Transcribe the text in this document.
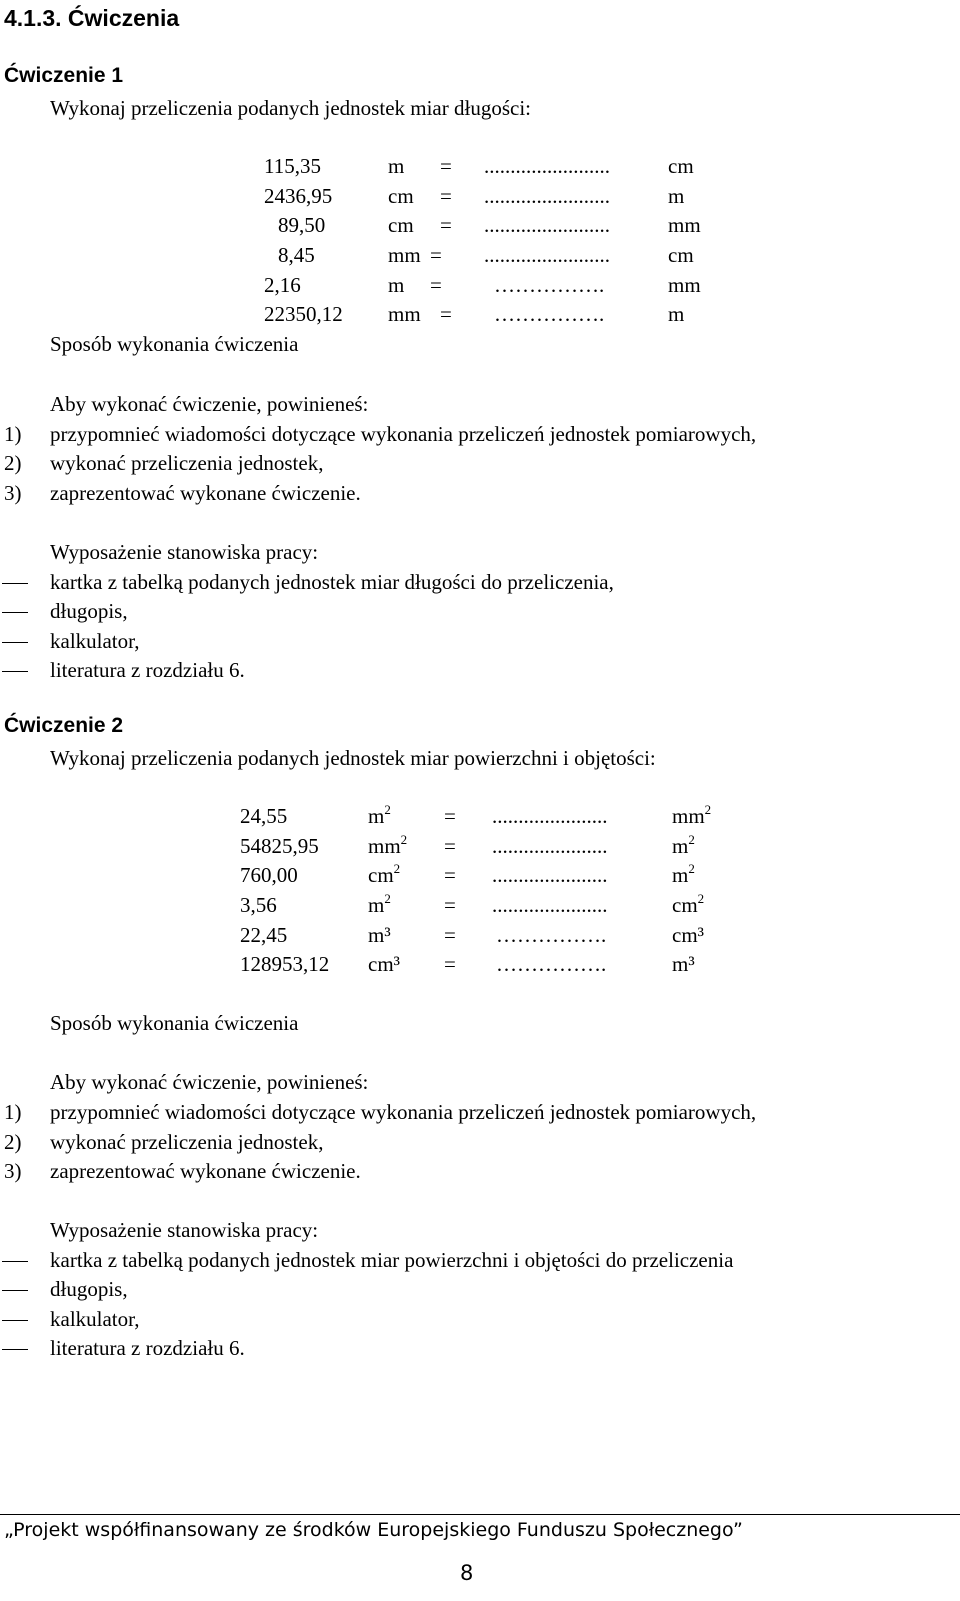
4.1.3. Ćwiczenia
Ćwiczenie 1
Wykonaj przeliczenia podanych jednostek miar długości:
115,35	m = ........................	cm
2436,95	cm = ........................	m
89,50	cm = ........................	mm
8,45	mm = ........................	cm
2,16	m = …………….	mm
22350,12 mm = …………….	m
Sposób wykonania ćwiczenia
Aby wykonać ćwiczenie, powinieneś:
1) przypomnieć wiadomości dotyczące wykonania przeliczeń jednostek pomiarowych,
2) wykonać przeliczenia jednostek,
3) zaprezentować wykonane ćwiczenie.
Wyposażenie stanowiska pracy:
kartka z tabelką podanych jednostek miar długości do przeliczenia,
długopis,
kalkulator,
literatura z rozdziału 6.
Ćwiczenie 2
Wykonaj przeliczenia podanych jednostek miar powierzchni i objętości:
24,55	$m^2$	= ......................	$mm^2$
54825,95 $mm^2$ = ......................	$m^2$
760,00	$cm^2$ = ......................	$m^2$
3,56	$m^2$	= ......................	$cm^2$
22,45	m³	= …………….	cm³
128953,12 cm³ = …………….	m³
Sposób wykonania ćwiczenia
Aby wykonać ćwiczenie, powinieneś:
1) przypomnieć wiadomości dotyczące wykonania przeliczeń jednostek pomiarowych,
2) wykonać przeliczenia jednostek,
3) zaprezentować wykonane ćwiczenie.
Wyposażenie stanowiska pracy:
kartka z tabelką podanych jednostek miar powierzchni i objętości do przeliczenia
długopis,
kalkulator,
literatura z rozdziału 6.
„Projekt współfinansowany ze środków Europejskiego Funduszu Społecznego”
8
